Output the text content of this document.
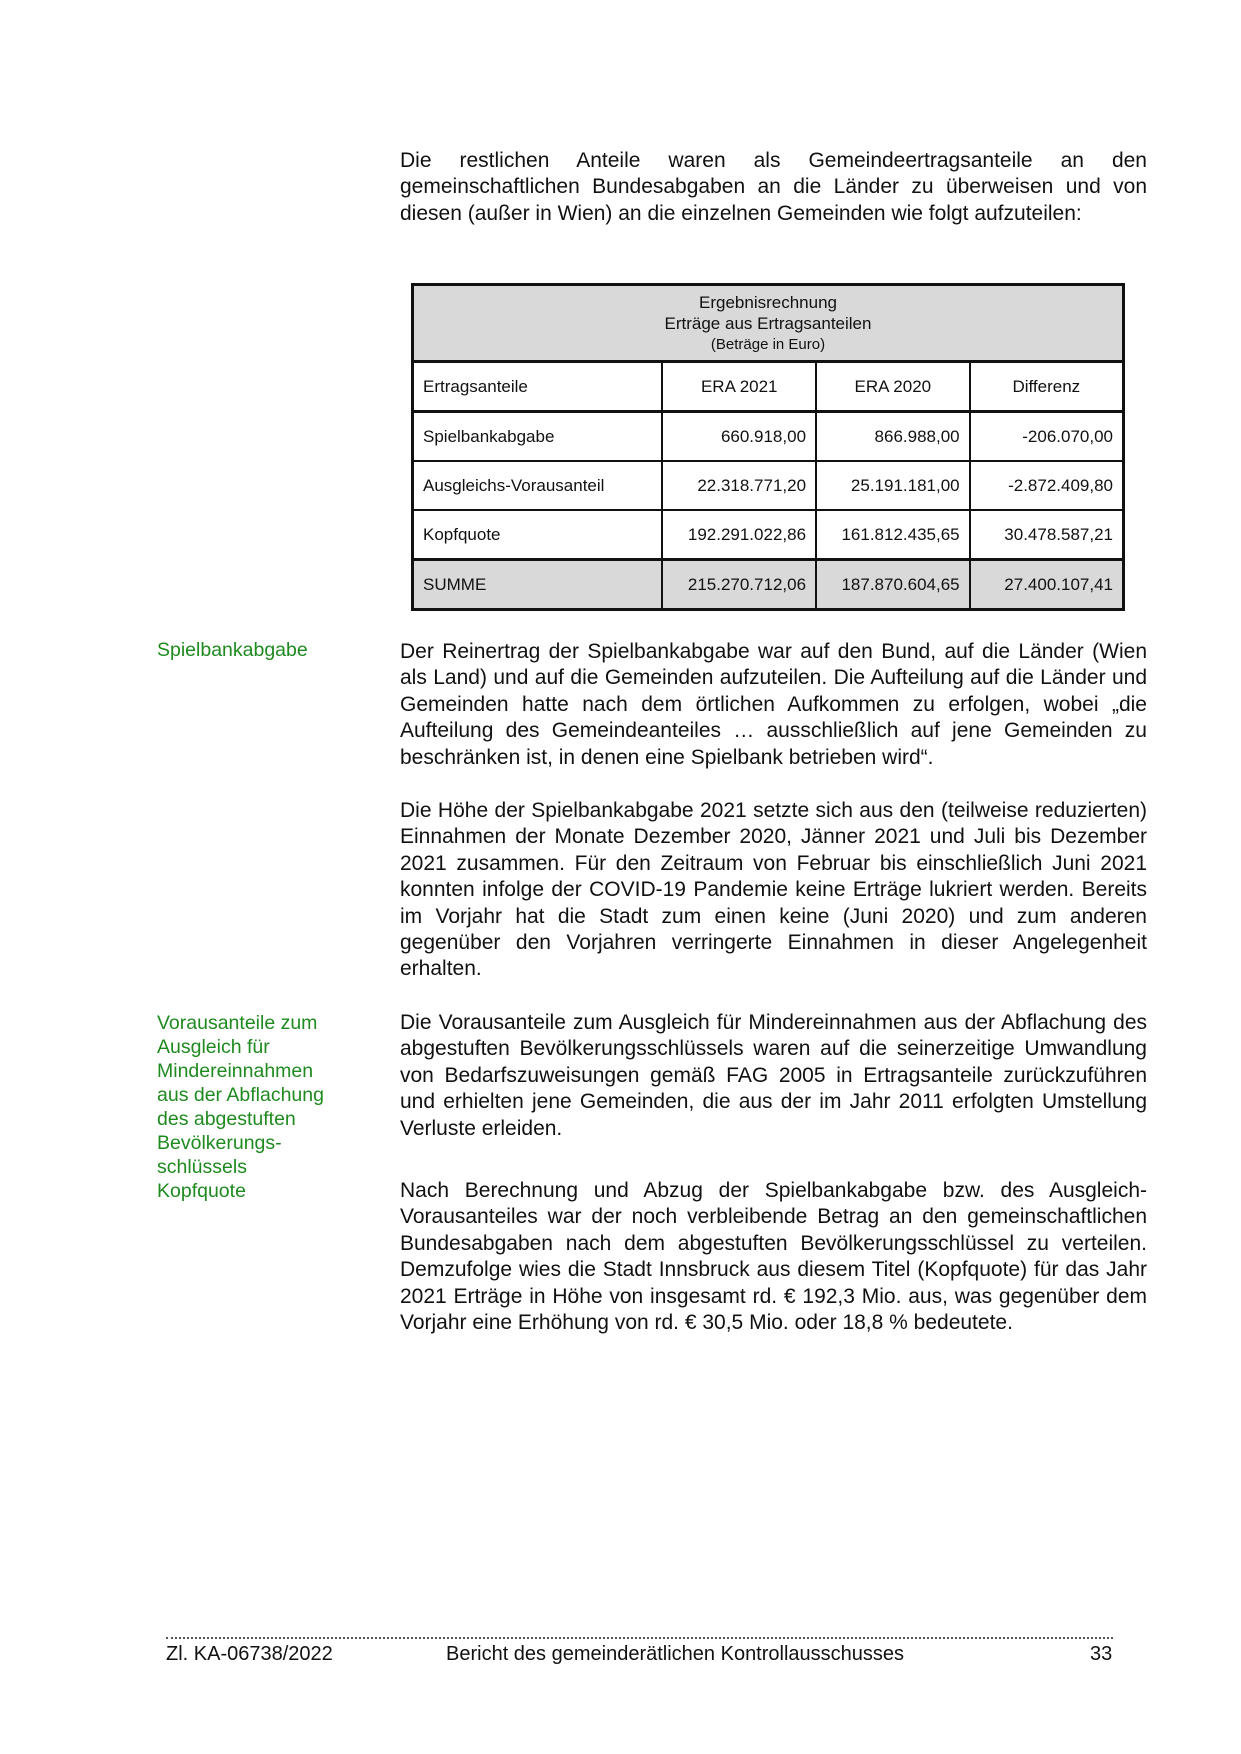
Die restlichen Anteile waren als Gemeindeertragsanteile an den gemeinschaftlichen Bundesabgaben an die Länder zu überweisen und von diesen (außer in Wien) an die einzelnen Gemeinden wie folgt aufzuteilen:

Ergebnisrechnung
Erträge aus Ertragsanteilen
(Beträge in Euro)			

Ertragsanteile	ERA 2021	ERA 2020	Differenz
Spielbankabgabe	660.918,00	866.988,00	-206.070,00
Ausgleichs-Vorausanteil	22.318.771,20	25.191.181,00	-2.872.409,80
Kopfquote	192.291.022,86	161.812.435,65	30.478.587,21
SUMME	215.270.712,06	187.870.604,65	27.400.107,41
Spielbankabgabe
Vorausanteile zum
Ausgleich für
Mindereinnahmen
aus der Abflachung
des abgestuften
Bevölkerungs-
schlüssels
Kopfquote

Der Reinertrag der Spielbankabgabe war auf den Bund, auf die Länder (Wien als Land) und auf die Gemeinden aufzuteilen. Die Aufteilung auf die Länder und Gemeinden hatte nach dem örtlichen Aufkommen zu erfolgen, wobei „die Aufteilung des Gemeindeanteiles … ausschließlich auf jene Gemeinden zu beschränken ist, in denen eine Spielbank betrieben wird“.

Die Höhe der Spielbankabgabe 2021 setzte sich aus den (teilweise reduzierten) Einnahmen der Monate Dezember 2020, Jänner 2021 und Juli bis Dezember 2021 zusammen. Für den Zeitraum von Februar bis einschließlich Juni 2021 konnten infolge der COVID-19 Pandemie keine Erträge lukriert werden. Bereits im Vorjahr hat die Stadt zum einen keine (Juni 2020) und zum anderen gegenüber den Vorjahren verringerte Einnahmen in dieser Angelegenheit erhalten.

Die Vorausanteile zum Ausgleich für Mindereinnahmen aus der Abflachung des abgestuften Bevölkerungsschlüssels waren auf die seinerzeitige Umwandlung von Bedarfszuweisungen gemäß FAG 2005 in Ertragsanteile zurückzuführen und erhielten jene Gemeinden, die aus der im Jahr 2011 erfolgten Umstellung Verluste erleiden.

Nach Berechnung und Abzug der Spielbankabgabe bzw. des Ausgleich-Vorausanteiles war der noch verbleibende Betrag an den gemeinschaftlichen Bundesabgaben nach dem abgestuften Bevölkerungsschlüssel zu verteilen. Demzufolge wies die Stadt Innsbruck aus diesem Titel (Kopfquote) für das Jahr 2021 Erträge in Höhe von insgesamt rd. € 192,3 Mio. aus, was gegenüber dem Vorjahr eine Erhöhung von rd. € 30,5 Mio. oder 18,8 % bedeutete.

Zl. KA-06738/2022	Bericht des gemeinderätlichen Kontrollausschusses	33
